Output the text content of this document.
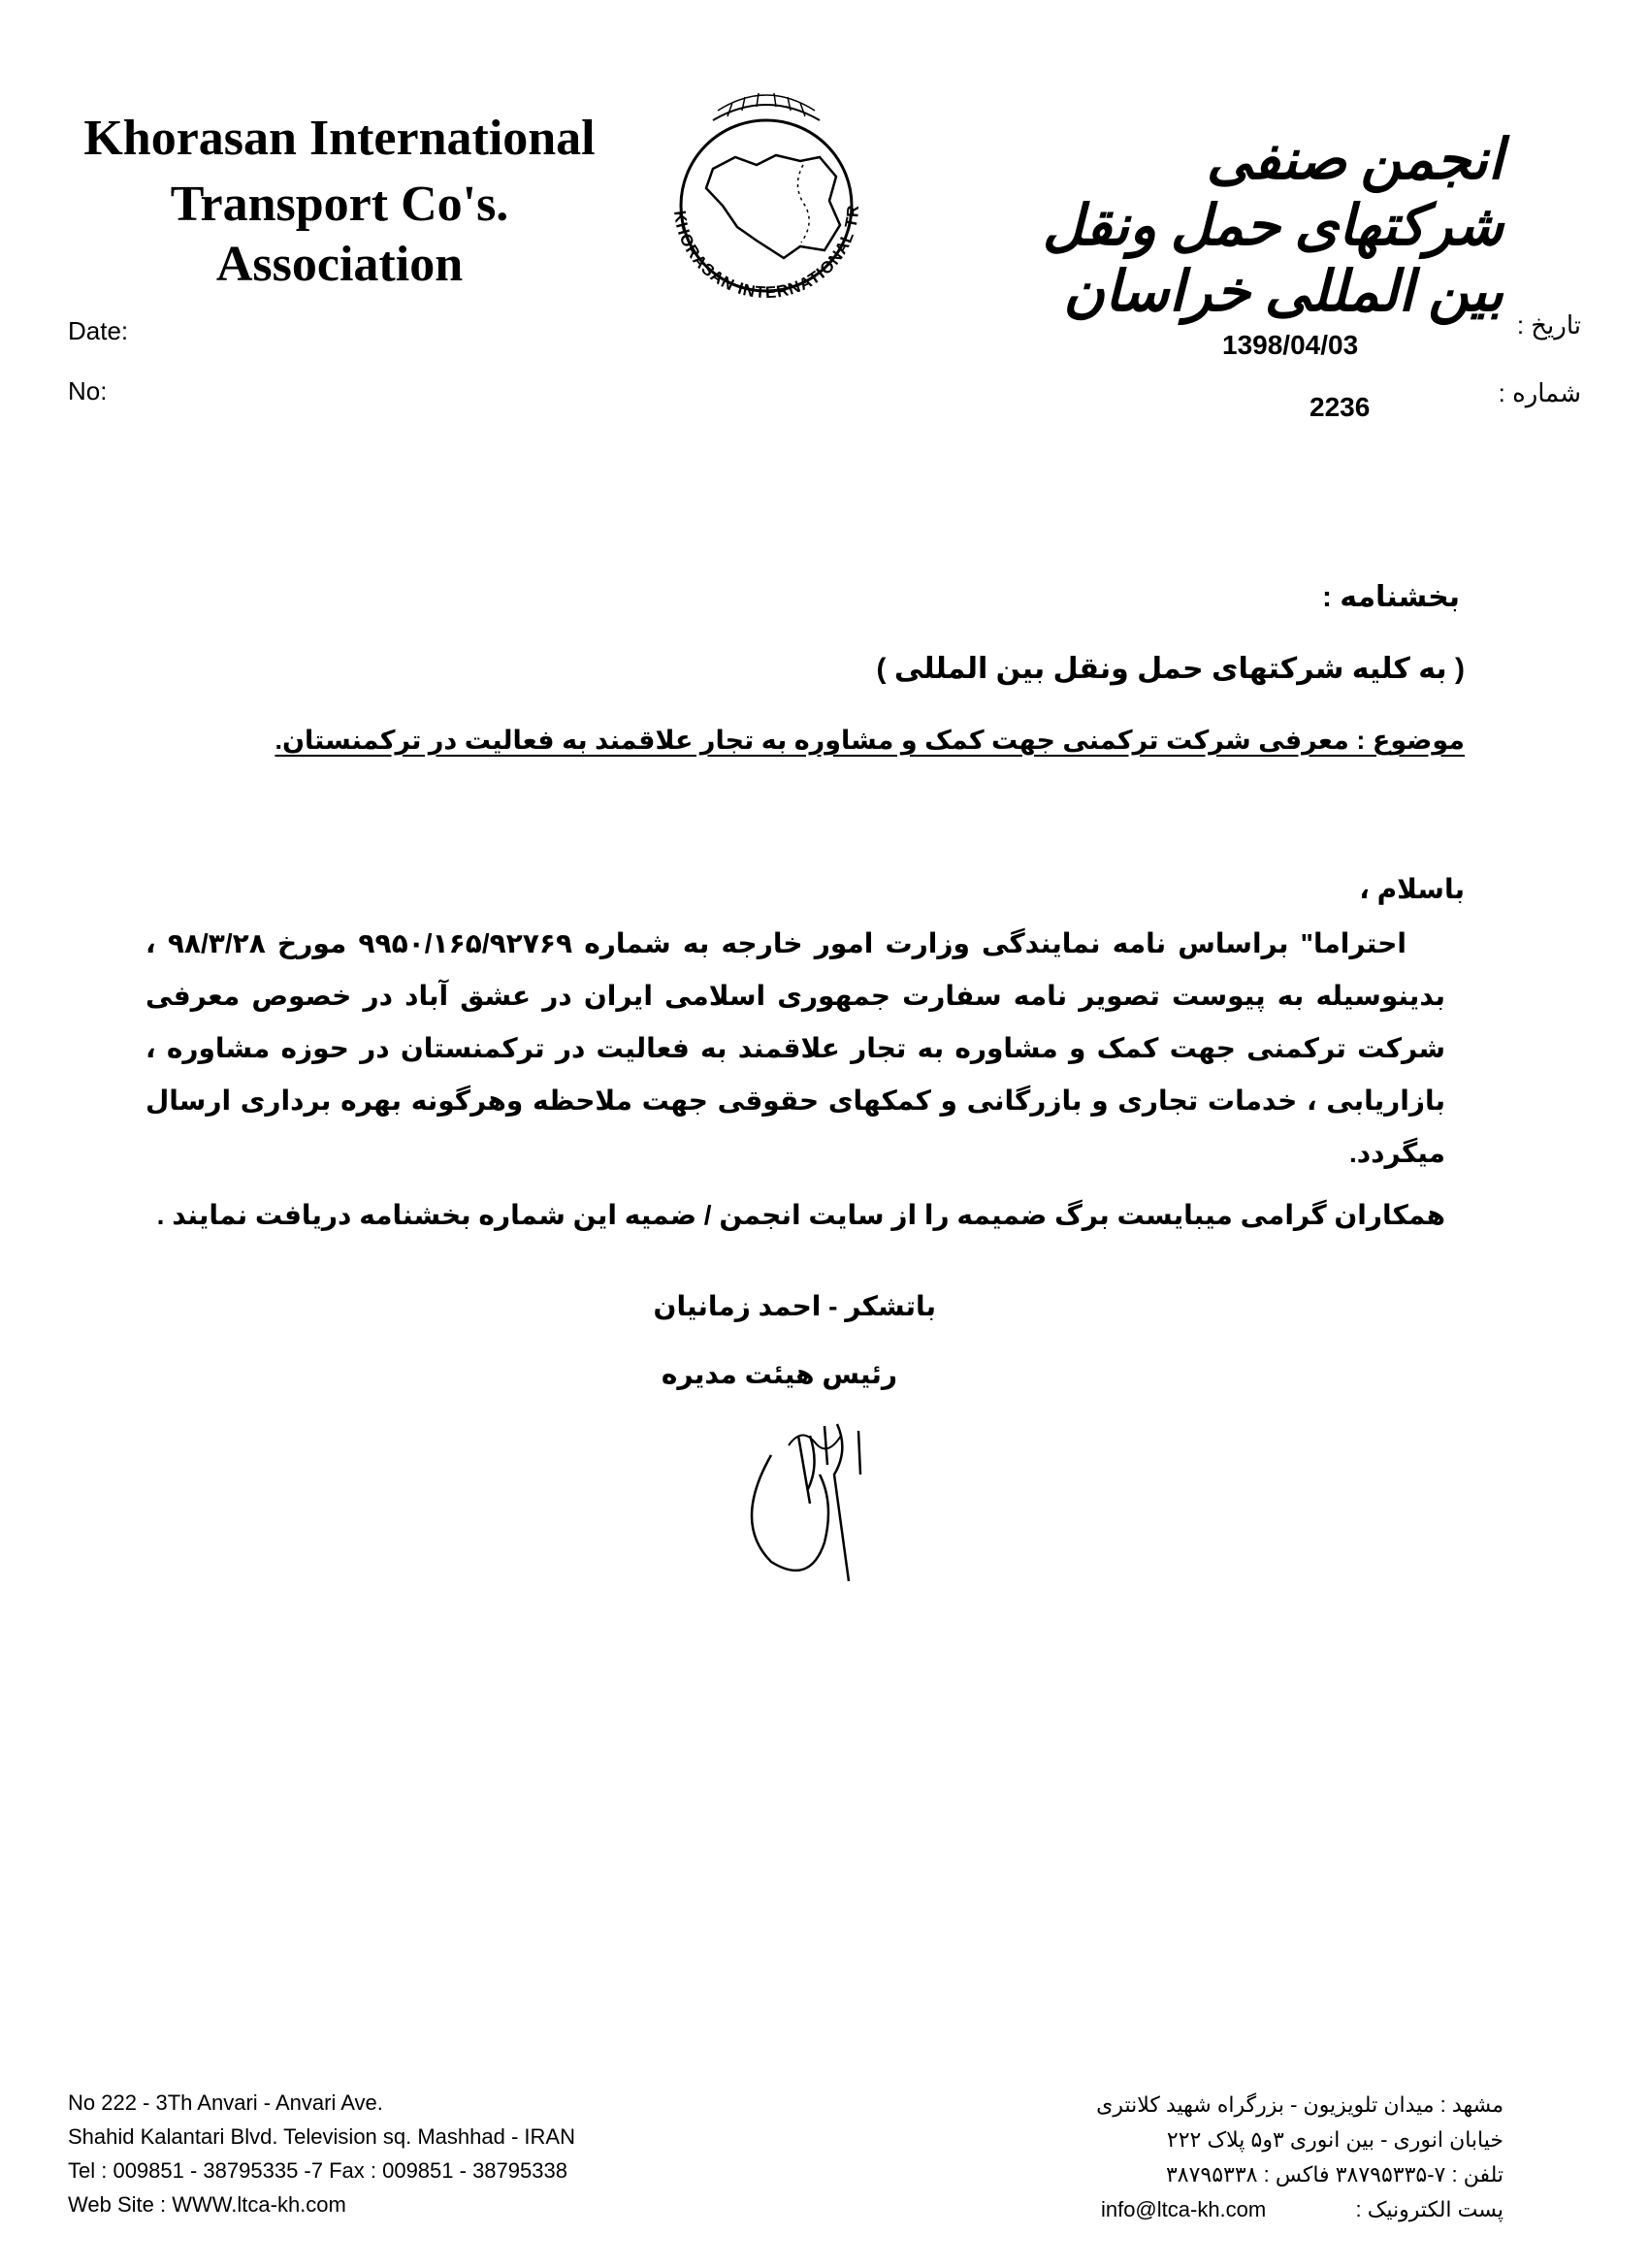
Khorasan International
Transport Co's. Association
انجمن صنفی شرکتهای حمل ونقل بین المللی خراسان
KHORASAN INTERNATIONAL TR
Date:
No:
تاریخ :
شماره :
1398/04/03
2236
بخشنامه :
( به کلیه شرکتهای حمل ونقل بین المللی )
موضوع : معرفی شرکت ترکمنی جهت کمک و مشاوره به تجار علاقمند به فعالیت در ترکمنستان.
باسلام ،

احتراما" براساس نامه نمایندگی وزارت امور خارجه به شماره ۹۹۵۰/۱۶۵/۹۲۷۶۹ مورخ ۹۸/۳/۲۸ ، بدینوسیله به پیوست تصویر نامه سفارت جمهوری اسلامی ایران در عشق آباد در خصوص معرفی شرکت ترکمنی جهت کمک و مشاوره به تجار علاقمند به فعالیت در ترکمنستان در حوزه مشاوره ، بازاریابی ، خدمات تجاری و بازرگانی و کمکهای حقوقی جهت ملاحظه وهرگونه بهره برداری ارسال میگردد.

همکاران گرامی میبایست برگ ضمیمه را از سایت انجمن / ضمیه این شماره بخشنامه دریافت نمایند .

باتشکر - احمد زمانیان
رئیس هیئت مدیره
No 222 - 3Th Anvari - Anvari Ave.
Shahid Kalantari Blvd. Television sq. Mashhad - IRAN
Tel : 009851 - 38795335 -7 Fax : 009851 - 38795338
Web Site : WWW.ltca-kh.com
مشهد : میدان تلویزیون - بزرگراه شهید کلانتری
خیابان انوری - بین انوری ۳و۵ پلاک ۲۲۲
تلفن : ۷-۳۸۷۹۵۳۳۵ فاکس : ۳۸۷۹۵۳۳۸
پست الکترونیک :  info@ltca-kh.com
